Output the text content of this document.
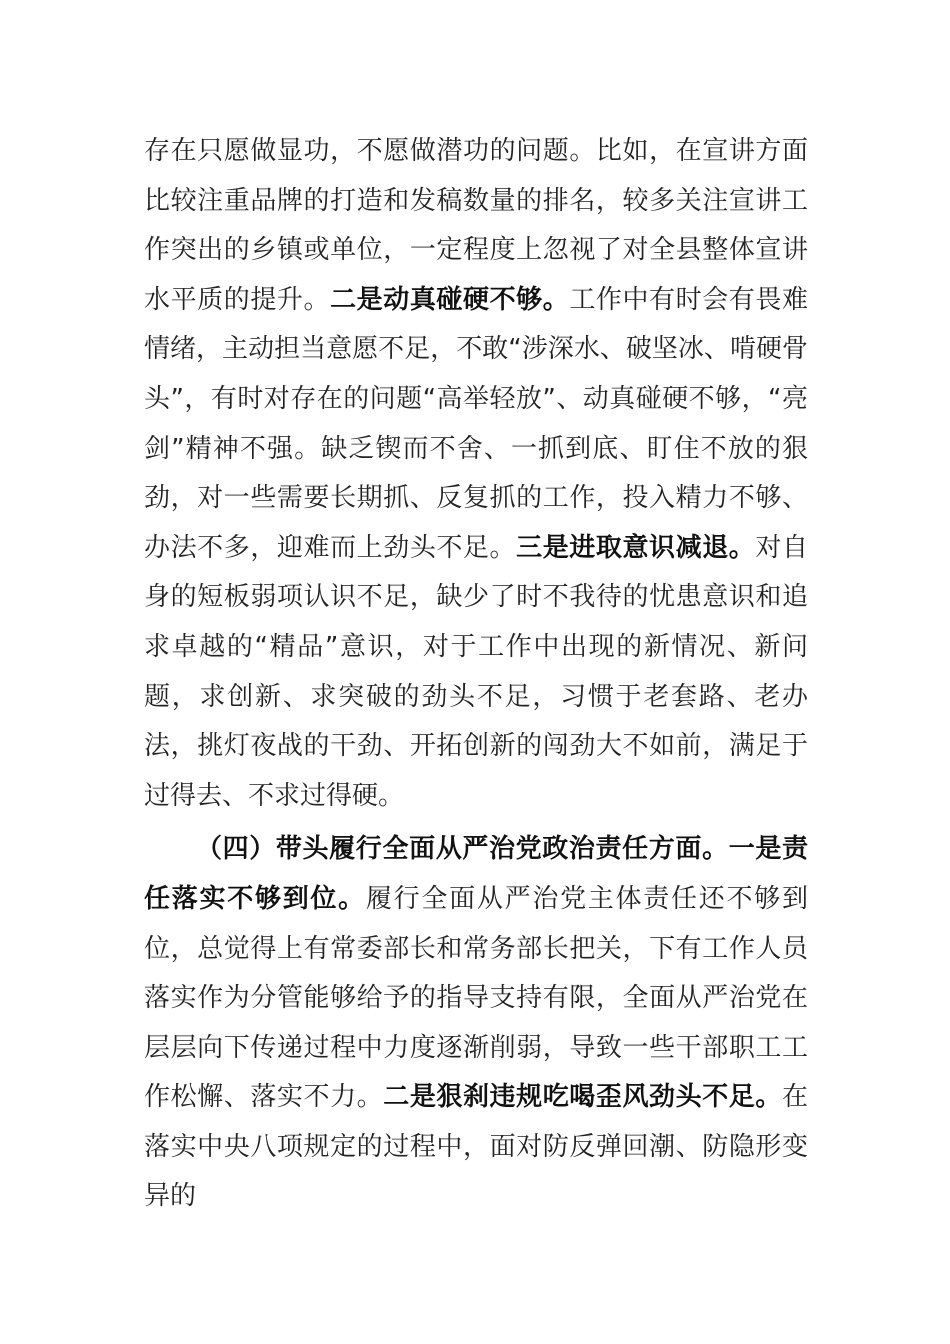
存在只愿做显功，不愿做潜功的问题。比如，在宣讲方面比较注重品牌的打造和发稿数量的排名，较多关注宣讲工作突出的乡镇或单位，一定程度上忽视了对全县整体宣讲水平质的提升。二是动真碰硬不够。工作中有时会有畏难情绪，主动担当意愿不足，不敢“涉深水、破坚冰、啃硬骨头”，有时对存在的问题“高举轻放”、动真碰硬不够，“亮剑”精神不强。缺乏锲而不舍、一抓到底、盯住不放的狠劲，对一些需要长期抓、反复抓的工作，投入精力不够、办法不多，迎难而上劲头不足。三是进取意识减退。对自身的短板弱项认识不足，缺少了时不我待的忧患意识和追求卓越的“精品”意识，对于工作中出现的新情况、新问题，求创新、求突破的劲头不足，习惯于老套路、老办法，挑灯夜战的干劲、开拓创新的闯劲大不如前，满足于过得去、不求过得硬。

（四）带头履行全面从严治党政治责任方面。一是责任落实不够到位。履行全面从严治党主体责任还不够到位，总觉得上有常委部长和常务部长把关，下有工作人员落实作为分管能够给予的指导支持有限，全面从严治党在层层向下传递过程中力度逐渐削弱，导致一些干部职工工作松懈、落实不力。二是狠刹违规吃喝歪风劲头不足。在落实中央八项规定的过程中，面对防反弹回潮、防隐形变异的
